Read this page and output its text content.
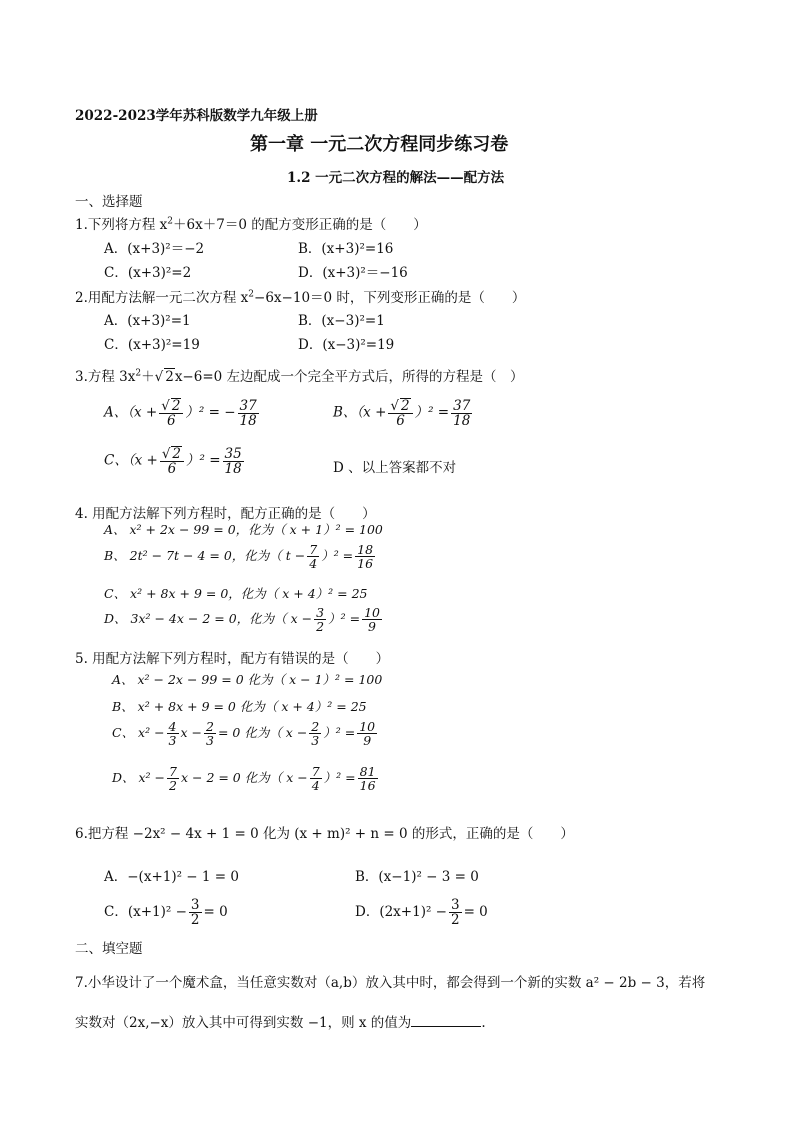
2022-2023学年苏科版数学九年级上册
第一章 一元二次方程同步练习卷
1.2 一元二次方程的解法——配方法
一、选择题
1.下列将方程 $x^2+6x+7=0$ 的配方变形正确的是（　　）
A．(x+3)²＝−2	B．(x+3)²=16
C．(x+3)²=2	D．(x+3)²＝−16
2.用配方法解一元二次方程 $x^2-6x-10=0$ 时，下列变形正确的是（　　）
A．(x+3)²=1	B．(x−3)²=1
C．(x+3)²=19	D．(x−3)²=19
3.方程 $3x^2+√$ 2x−6=0 左边配成一个完全平方式后，所得的方程是（　）
A、$(x + \frac{√ 2}{6} )^2$ = − $\frac{37}{18}$	B、$(x + \frac{√ 2}{6} )^2 = \frac{37}{18}$
C、$(x + \frac{√ 2}{6} )^2 = \frac{35}{18}$	D 、以上答案都不对
4. 用配方法解下列方程时，配方正确的是（　　）
A、 x² + 2x − 99 = 0，化为（ x + 1）² = 100
B、 2t² − 7t − 4 = 0，化为（ $t - \frac{7}{4} )^2 = \frac{18}{16}$
C、 x² + 8x + 9 = 0，化为（ x + 4）² = 25
D、 3x² − 4x − 2 = 0，化为（ $x - \frac{3}{2} )^2 = \frac{10}{9}$
5. 用配方法解下列方程时，配方有错误的是（　　）
A、 x² − 2x − 99 = 0 化为（ x − 1）² = 100
B、 x² + 8x + 9 = 0 化为（ x + 4）² = 25
C、 $x^2 - \frac{4}{3}$ $x - \frac{2}{3} = 0$ 化为（ $x - \frac{2}{3} )^2 = \frac{10}{9}$
D、 $x^2 - \frac{7}{2}$ x − 2 = 0 化为（ $x - \frac{7}{4} )^2 = \frac{81}{16}$
6.把方程 −2x² − 4x + 1 = 0 化为 (x + m)² + n = 0 的形式，正确的是（　　）
A．−(x+1)² − 1 = 0	B．(x−1)² − 3 = 0
C．$(x+1)^2 - \frac{3}{2} = 0$	D．$(2x+1)^2 - \frac{3}{2} = 0$
二、填空题
7.小华设计了一个魔术盒，当任意实数对（a,b）放入其中时，都会得到一个新的实数 a² − 2b − 3，若将
实数对（2x,−x）放入其中可得到实数 −1，则 x 的值为	.
